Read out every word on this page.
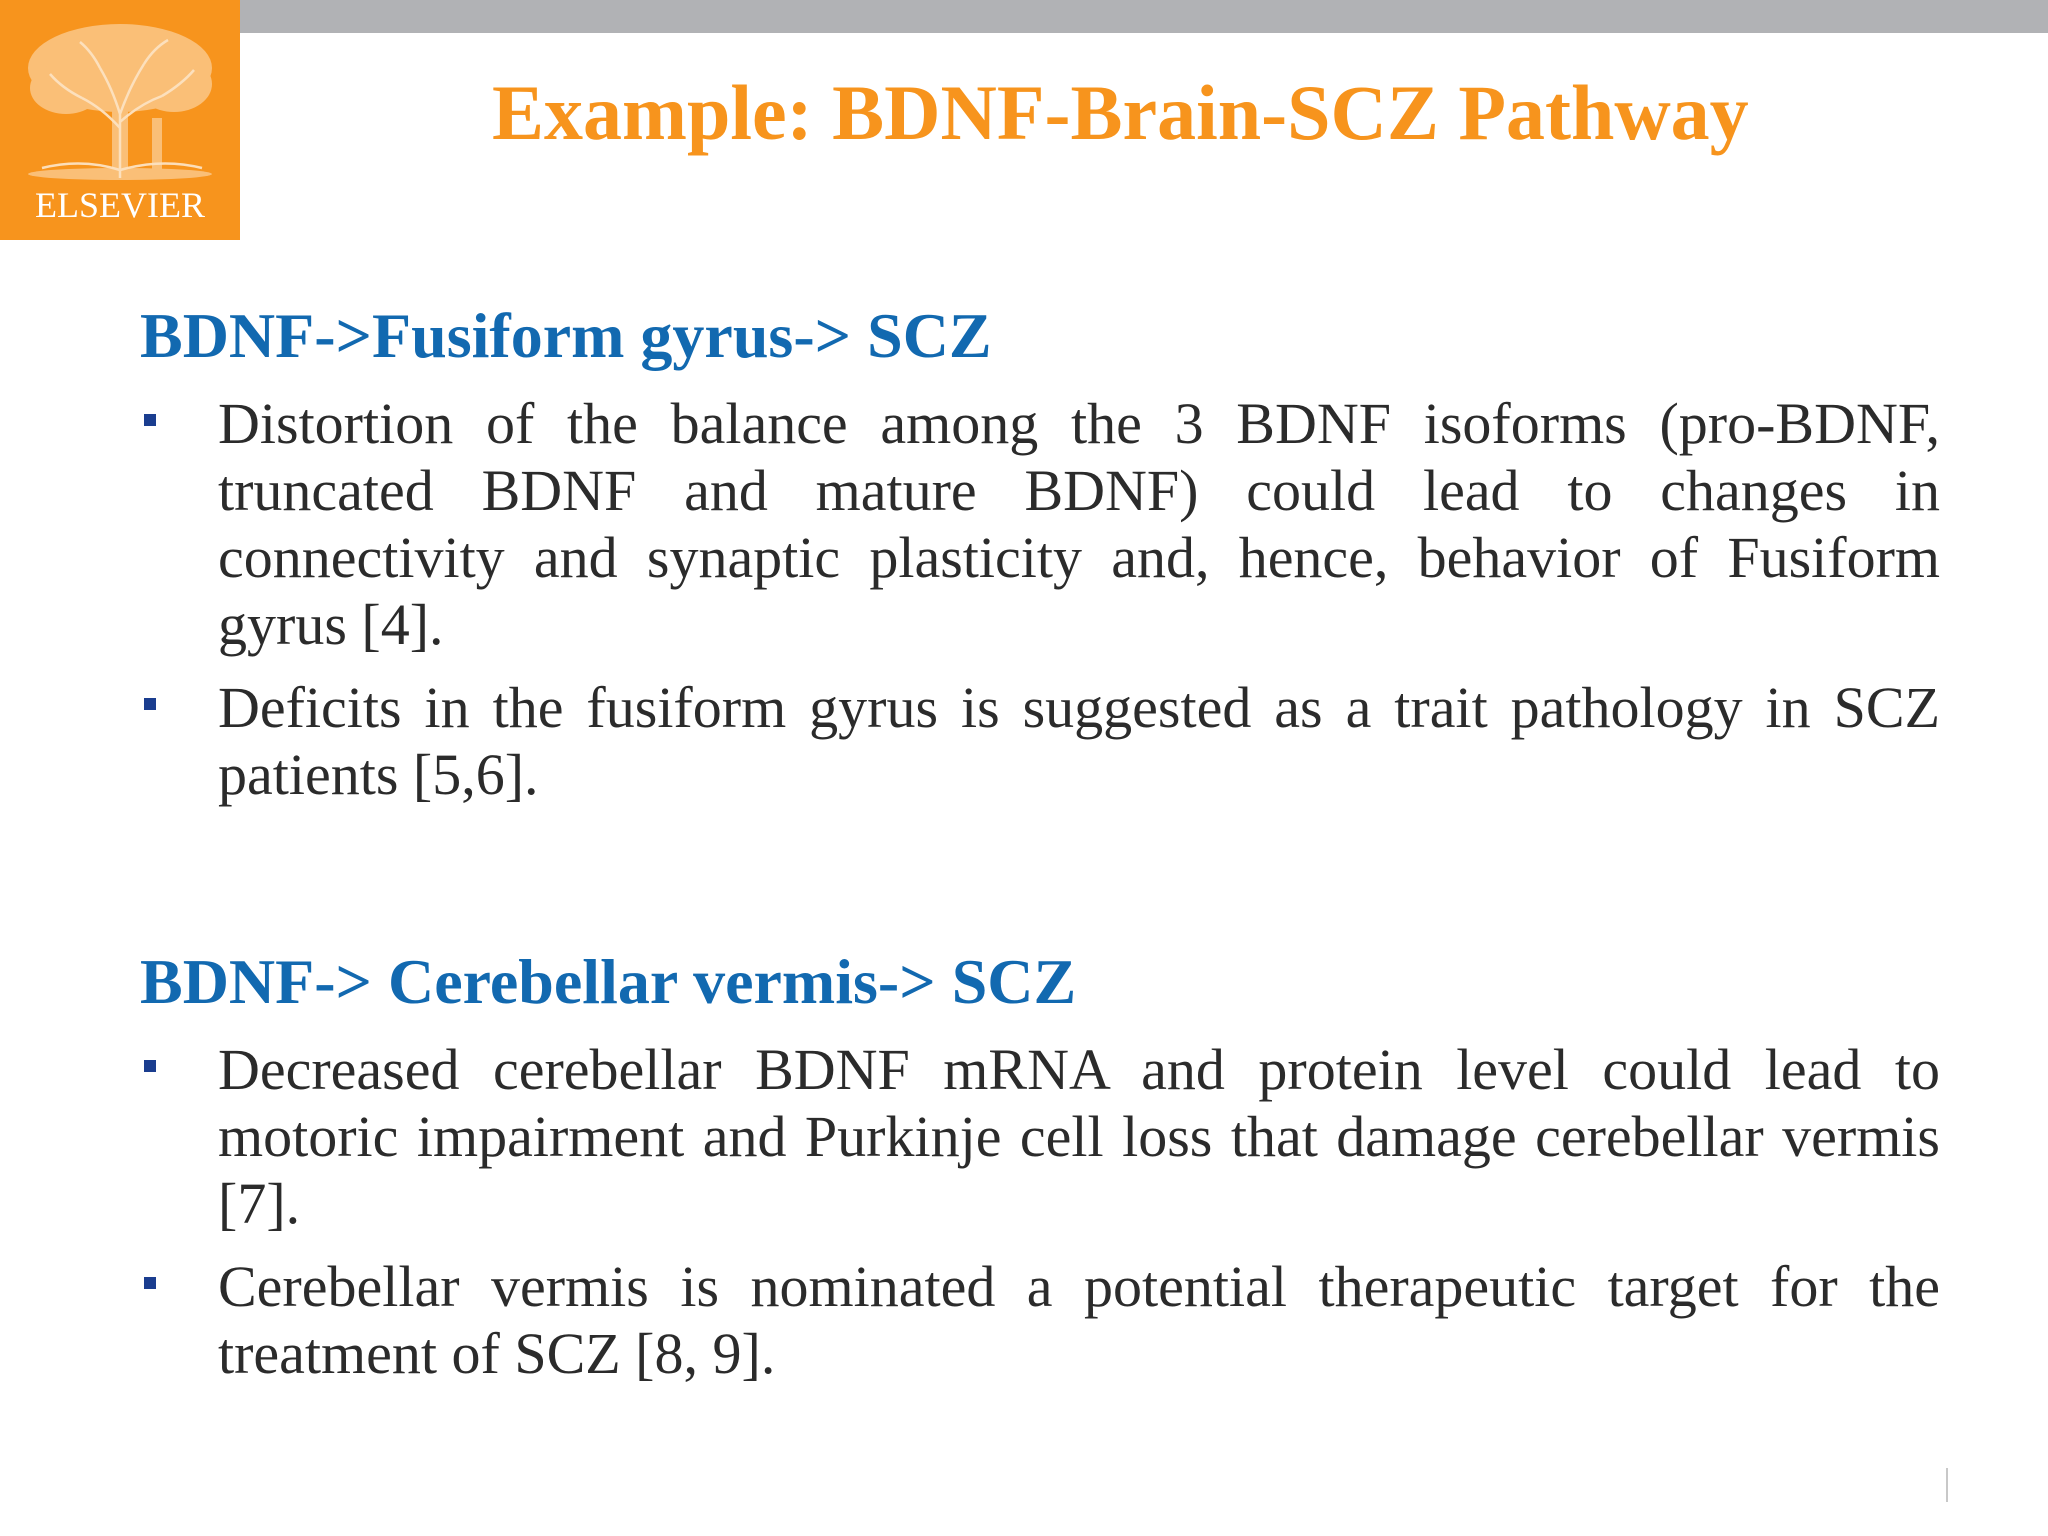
ELSEVIER
Example: BDNF-Brain-SCZ Pathway
BDNF->Fusiform gyrus-> SCZ
Distortion of the balance among the 3 BDNF isoforms (pro-BDNF, truncated BDNF and mature BDNF) could lead to changes in connectivity and synaptic plasticity and, hence, behavior of Fusiform gyrus [4].
Deficits in the fusiform gyrus is suggested as a trait pathology in SCZ patients [5,6].
BDNF-> Cerebellar vermis-> SCZ
Decreased cerebellar BDNF mRNA and protein level could lead to motoric impairment and Purkinje cell loss that damage cerebellar vermis [7].
Cerebellar vermis is nominated a potential therapeutic target for the treatment of SCZ [8, 9].
